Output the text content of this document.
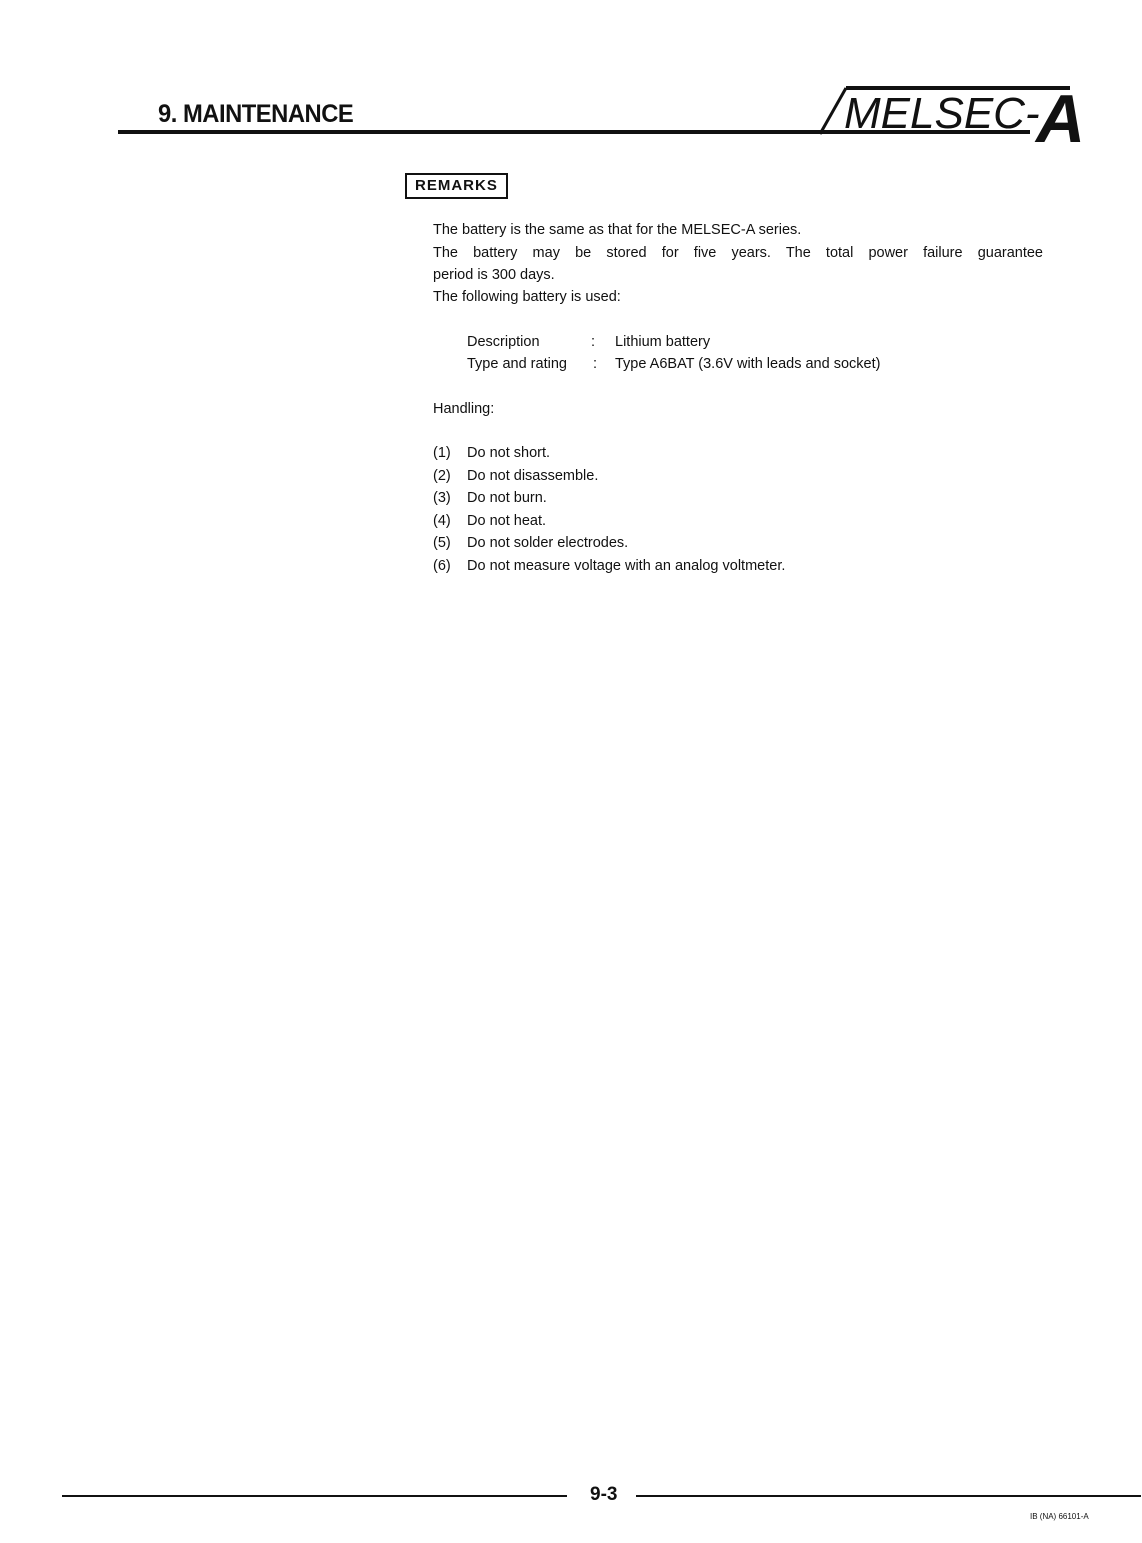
9. MAINTENANCE	MELSEC-
A
REMARKS

The battery is the same as that for the MELSEC-A series.

The battery may be stored for five years. The total power failure guarantee

period is 300 days.

The following battery is used:

Description	: Lithium battery
Type and rating : Type A6BAT (3.6V with leads and socket)

Handling:

(1) Do not short.
(2) Do not disassemble.
(3) Do not burn.
(4) Do not heat.
(5) Do not solder electrodes.
(6) Do not measure voltage with an analog voltmeter.
9-3
IB (NA) 66101-A
